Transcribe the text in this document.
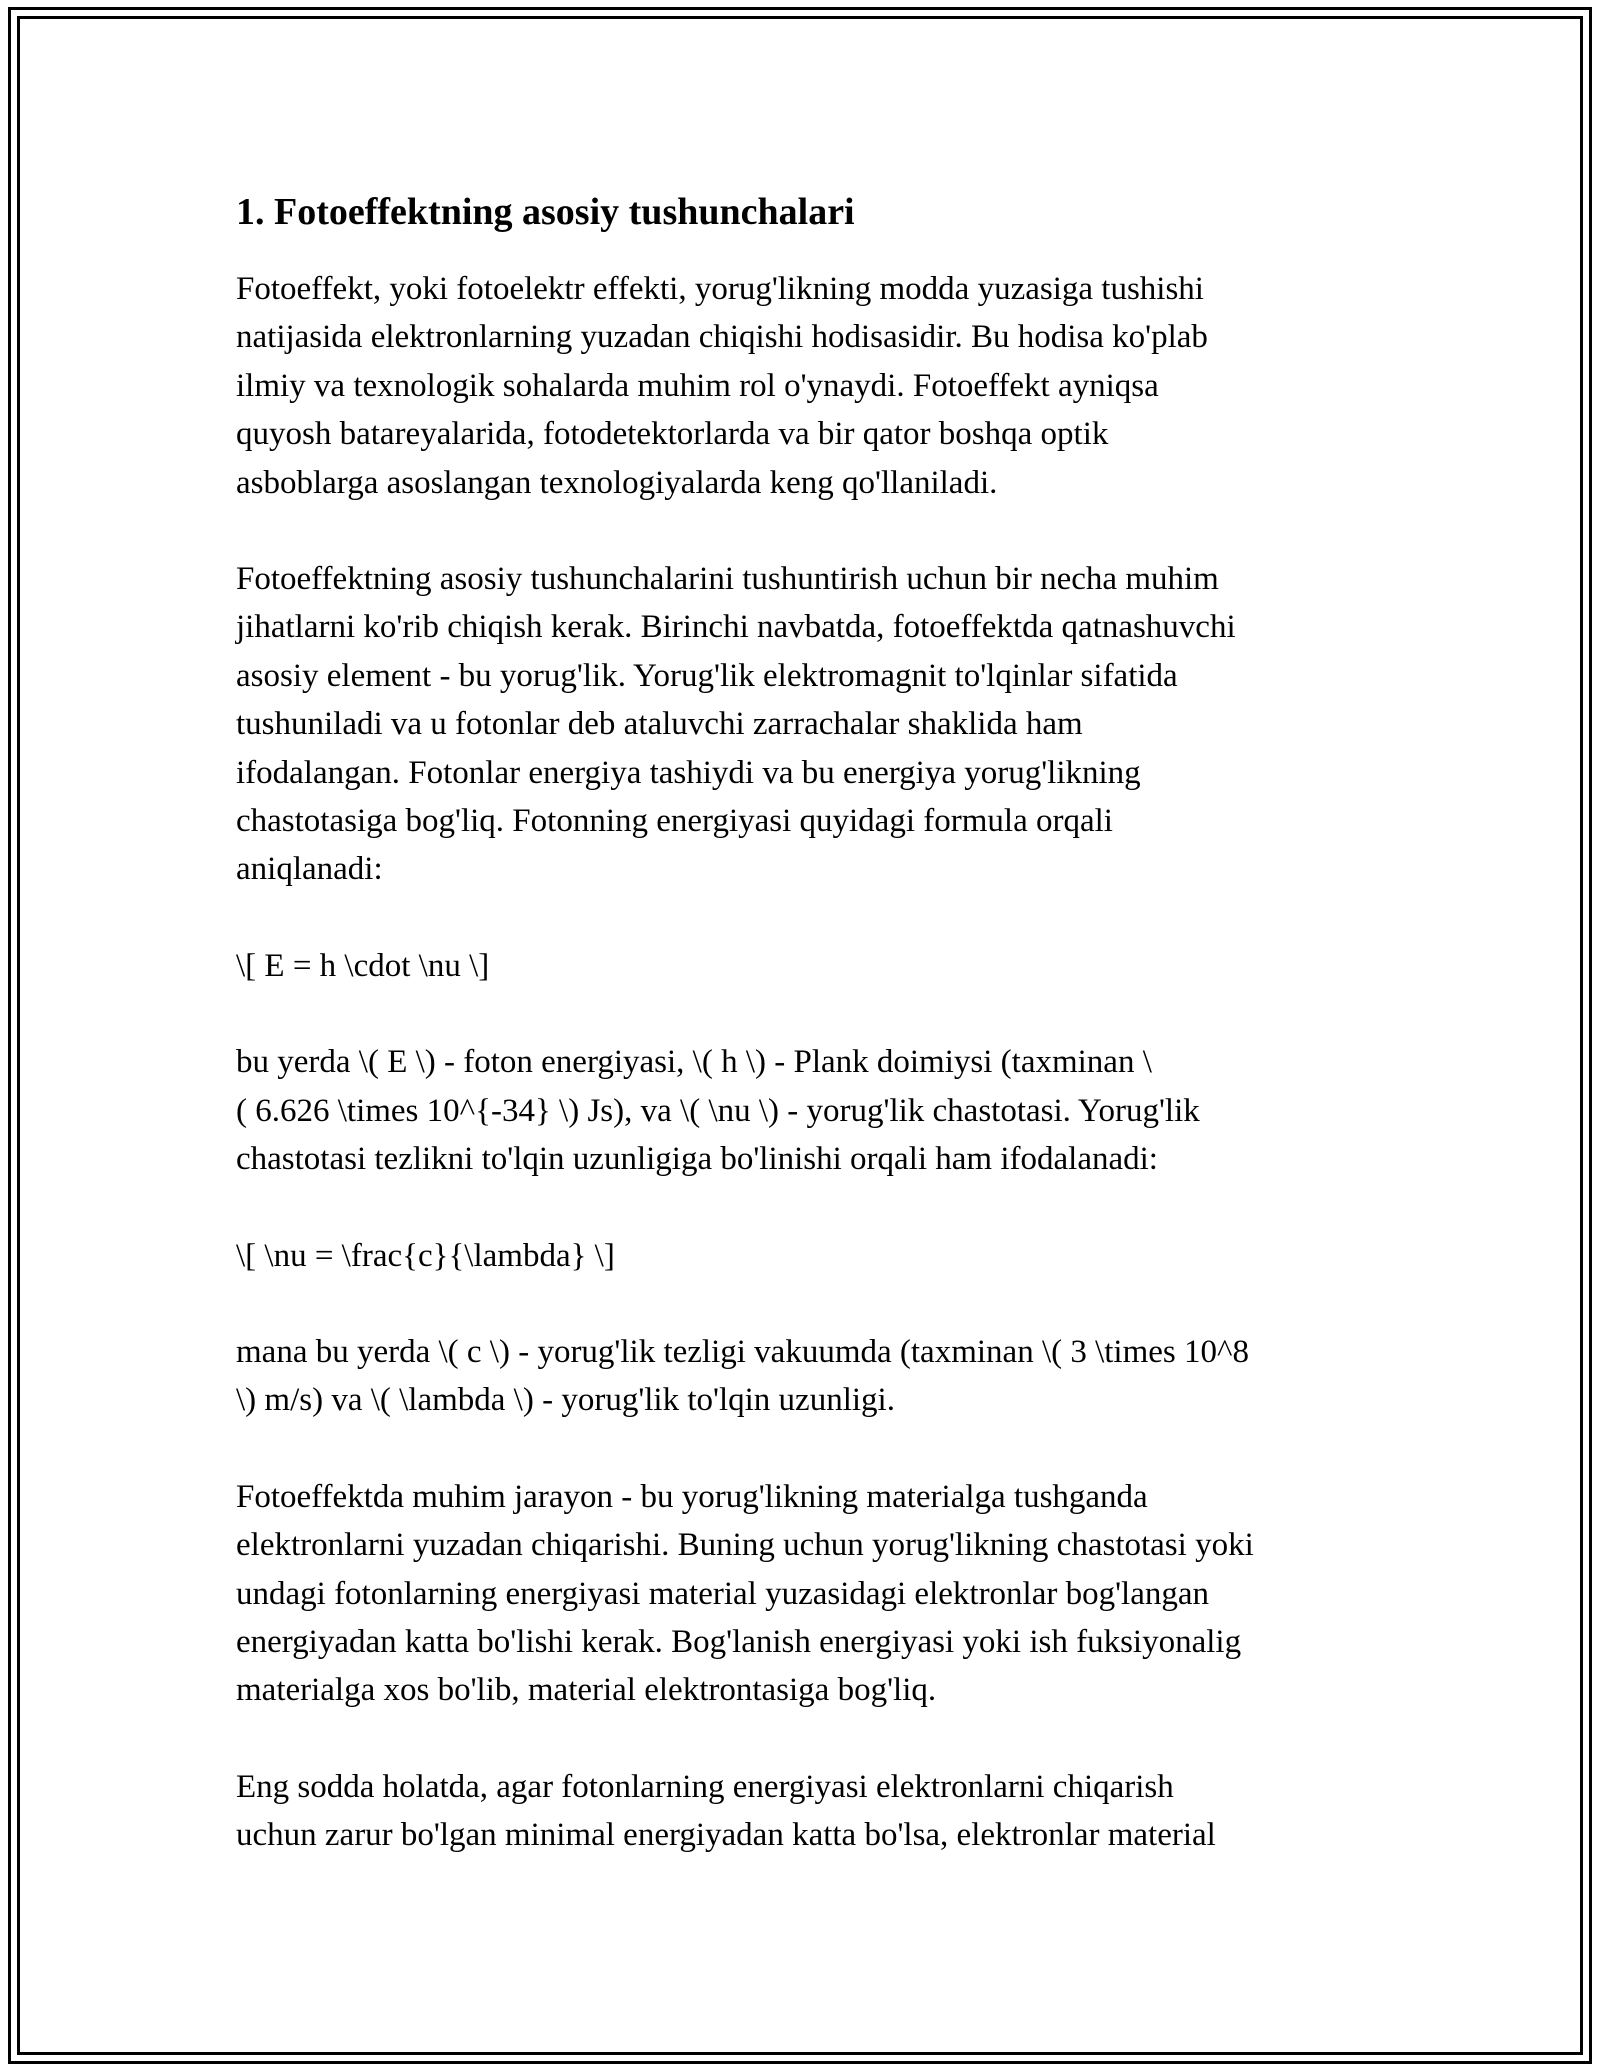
1. Fotoeffektning asosiy tushunchalari

Fotoeffekt, yoki fotoelektr effekti, yorug'likning modda yuzasiga tushishi
natijasida elektronlarning yuzadan chiqishi hodisasidir. Bu hodisa ko'plab
ilmiy va texnologik sohalarda muhim rol o'ynaydi. Fotoeffekt ayniqsa
quyosh batareyalarida, fotodetektorlarda va bir qator boshqa optik
asboblarga asoslangan texnologiyalarda keng qo'llaniladi.

Fotoeffektning asosiy tushunchalarini tushuntirish uchun bir necha muhim
jihatlarni ko'rib chiqish kerak. Birinchi navbatda, fotoeffektda qatnashuvchi
asosiy element - bu yorug'lik. Yorug'lik elektromagnit to'lqinlar sifatida
tushuniladi va u fotonlar deb ataluvchi zarrachalar shaklida ham
ifodalangan. Fotonlar energiya tashiydi va bu energiya yorug'likning
chastotasiga bog'liq. Fotonning energiyasi quyidagi formula orqali
aniqlanadi:

\[ E = h \cdot \nu \]

bu yerda \( E \) - foton energiyasi, \( h \) - Plank doimiysi (taxminan \
( 6.626 \times 10^{-34} \) Js), va \( \nu \) - yorug'lik chastotasi. Yorug'lik
chastotasi tezlikni to'lqin uzunligiga bo'linishi orqali ham ifodalanadi:

\[ \nu = \frac{c}{\lambda} \]

mana bu yerda \( c \) - yorug'lik tezligi vakuumda (taxminan \( 3 \times 10^8
\) m/s) va \( \lambda \) - yorug'lik to'lqin uzunligi.

Fotoeffektda muhim jarayon - bu yorug'likning materialga tushganda
elektronlarni yuzadan chiqarishi. Buning uchun yorug'likning chastotasi yoki
undagi fotonlarning energiyasi material yuzasidagi elektronlar bog'langan
energiyadan katta bo'lishi kerak. Bog'lanish energiyasi yoki ish fuksiyonalig
materialga xos bo'lib, material elektrontasiga bog'liq.

Eng sodda holatda, agar fotonlarning energiyasi elektronlarni chiqarish
uchun zarur bo'lgan minimal energiyadan katta bo'lsa, elektronlar material
